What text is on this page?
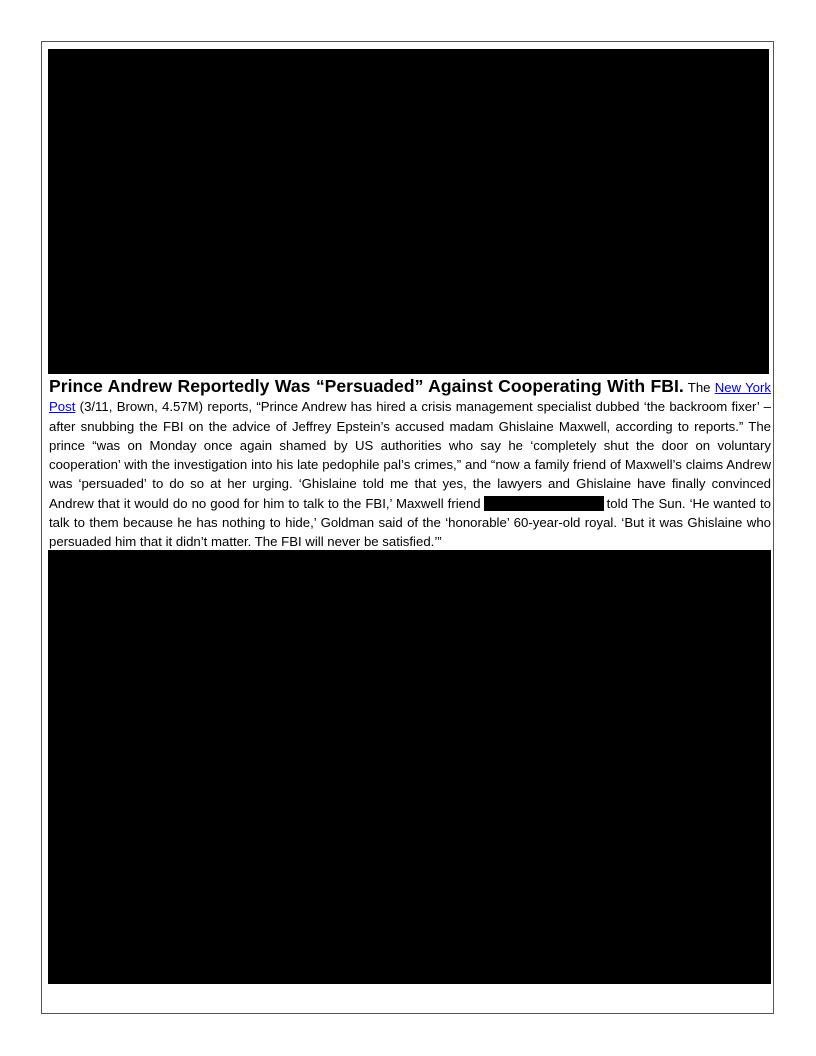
Prince Andrew Reportedly Was “Persuaded” Against Cooperating With FBI. The New York Post (3/11, Brown, 4.57M) reports, “Prince Andrew has hired a crisis management specialist dubbed ‘the backroom fixer’ – after snubbing the FBI on the advice of Jeffrey Epstein’s accused madam Ghislaine Maxwell, according to reports.” The prince “was on Monday once again shamed by US authorities who say he ‘completely shut the door on voluntary cooperation’ with the investigation into his late pedophile pal’s crimes,” and “now a family friend of Maxwell’s claims Andrew was ‘persuaded’ to do so at her urging. ‘Ghislaine told me that yes, the lawyers and Ghislaine have finally convinced Andrew that it would do no good for him to talk to the FBI,’ Maxwell friend	told The Sun. ‘He wanted to talk to them because he has nothing to hide,’ Goldman said of the ‘honorable’ 60-year-old royal. ‘But it was Ghislaine who persuaded him that it didn’t matter. The FBI will never be satisfied.’”
